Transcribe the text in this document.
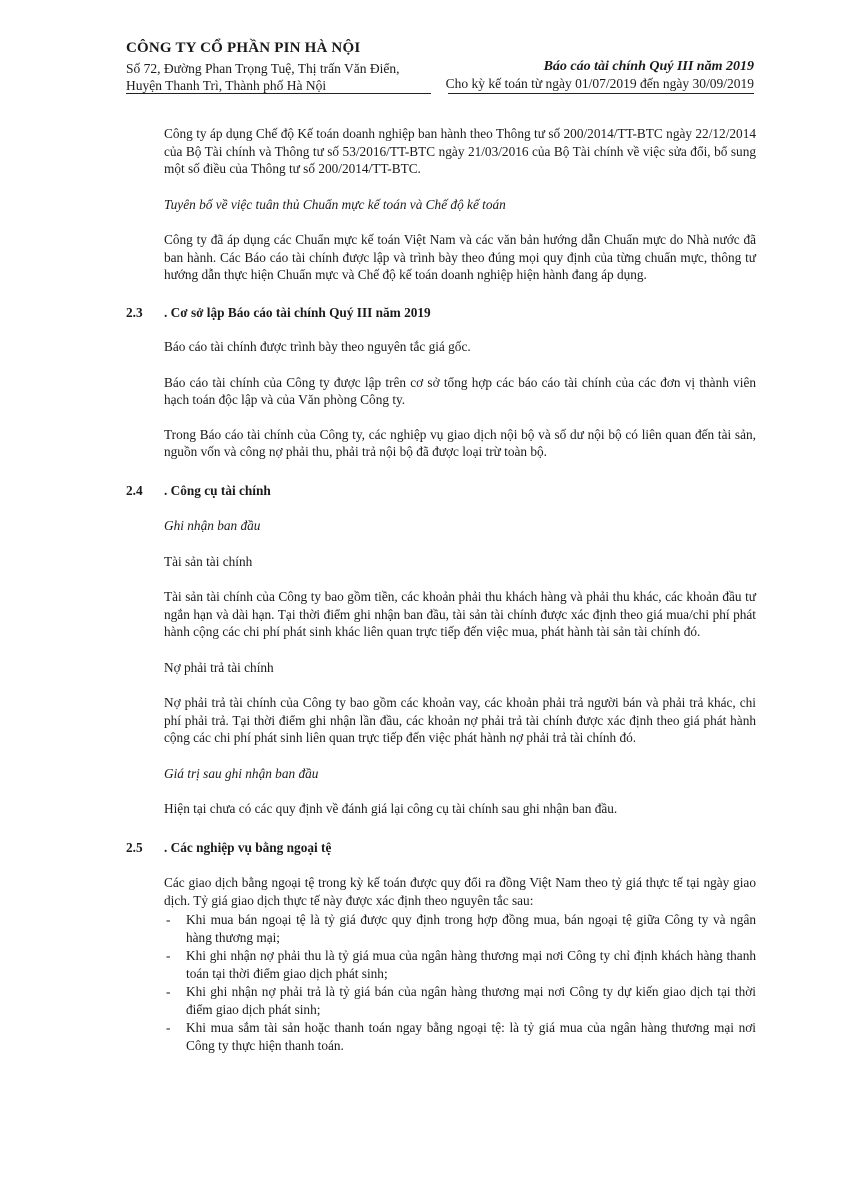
CÔNG TY CỔ PHẦN PIN HÀ NỘI
Số 72, Đường Phan Trọng Tuệ, Thị trấn Văn Điển,
Huyện Thanh Trì, Thành phố Hà Nội
Báo cáo tài chính Quý III năm 2019
Cho kỳ kế toán từ ngày 01/07/2019 đến ngày 30/09/2019

Công ty áp dụng Chế độ Kế toán doanh nghiệp ban hành theo Thông tư số 200/2014/TT-BTC ngày 22/12/2014 của Bộ Tài chính và Thông tư số 53/2016/TT-BTC ngày 21/03/2016 của Bộ Tài chính về việc sửa đổi, bổ sung một số điều của Thông tư số 200/2014/TT-BTC.

Tuyên bố về việc tuân thủ Chuẩn mực kế toán và Chế độ kế toán

Công ty đã áp dụng các Chuẩn mực kế toán Việt Nam và các văn bản hướng dẫn Chuẩn mực do Nhà nước đã ban hành. Các Báo cáo tài chính được lập và trình bày theo đúng mọi quy định của từng chuẩn mực, thông tư hướng dẫn thực hiện Chuẩn mực và Chế độ kế toán doanh nghiệp hiện hành đang áp dụng.

2.3	. Cơ sở lập Báo cáo tài chính Quý III năm 2019

Báo cáo tài chính được trình bày theo nguyên tắc giá gốc.

Báo cáo tài chính của Công ty được lập trên cơ sở tổng hợp các báo cáo tài chính của các đơn vị thành viên hạch toán độc lập và của Văn phòng Công ty.

Trong Báo cáo tài chính của Công ty, các nghiệp vụ giao dịch nội bộ và số dư nội bộ có liên quan đến tài sản, nguồn vốn và công nợ phải thu, phải trả nội bộ đã được loại trừ toàn bộ.

2.4	. Công cụ tài chính

Ghi nhận ban đầu

Tài sản tài chính

Tài sản tài chính của Công ty bao gồm tiền, các khoản phải thu khách hàng và phải thu khác, các khoản đầu tư ngắn hạn và dài hạn. Tại thời điểm ghi nhận ban đầu, tài sản tài chính được xác định theo giá mua/chi phí phát hành cộng các chi phí phát sinh khác liên quan trực tiếp đến việc mua, phát hành tài sản tài chính đó.

Nợ phải trả tài chính

Nợ phải trả tài chính của Công ty bao gồm các khoản vay, các khoản phải trả người bán và phải trả khác, chi phí phải trả. Tại thời điểm ghi nhận lần đầu, các khoản nợ phải trả tài chính được xác định theo giá phát hành cộng các chi phí phát sinh liên quan trực tiếp đến việc phát hành nợ phải trả tài chính đó.

Giá trị sau ghi nhận ban đầu

Hiện tại chưa có các quy định về đánh giá lại công cụ tài chính sau ghi nhận ban đầu.

2.5	. Các nghiệp vụ bằng ngoại tệ

Các giao dịch bằng ngoại tệ trong kỳ kế toán được quy đổi ra đồng Việt Nam theo tỷ giá thực tế tại ngày giao dịch. Tỷ giá giao dịch thực tế này được xác định theo nguyên tắc sau:

- Khi mua bán ngoại tệ là tỷ giá được quy định trong hợp đồng mua, bán ngoại tệ giữa Công ty và ngân hàng thương mại;
- Khi ghi nhận nợ phải thu là tỷ giá mua của ngân hàng thương mại nơi Công ty chỉ định khách hàng thanh toán tại thời điểm giao dịch phát sinh;
- Khi ghi nhận nợ phải trả là tỷ giá bán của ngân hàng thương mại nơi Công ty dự kiến giao dịch tại thời điểm giao dịch phát sinh;
- Khi mua sắm tài sản hoặc thanh toán ngay bằng ngoại tệ: là tỷ giá mua của ngân hàng thương mại nơi Công ty thực hiện thanh toán.
